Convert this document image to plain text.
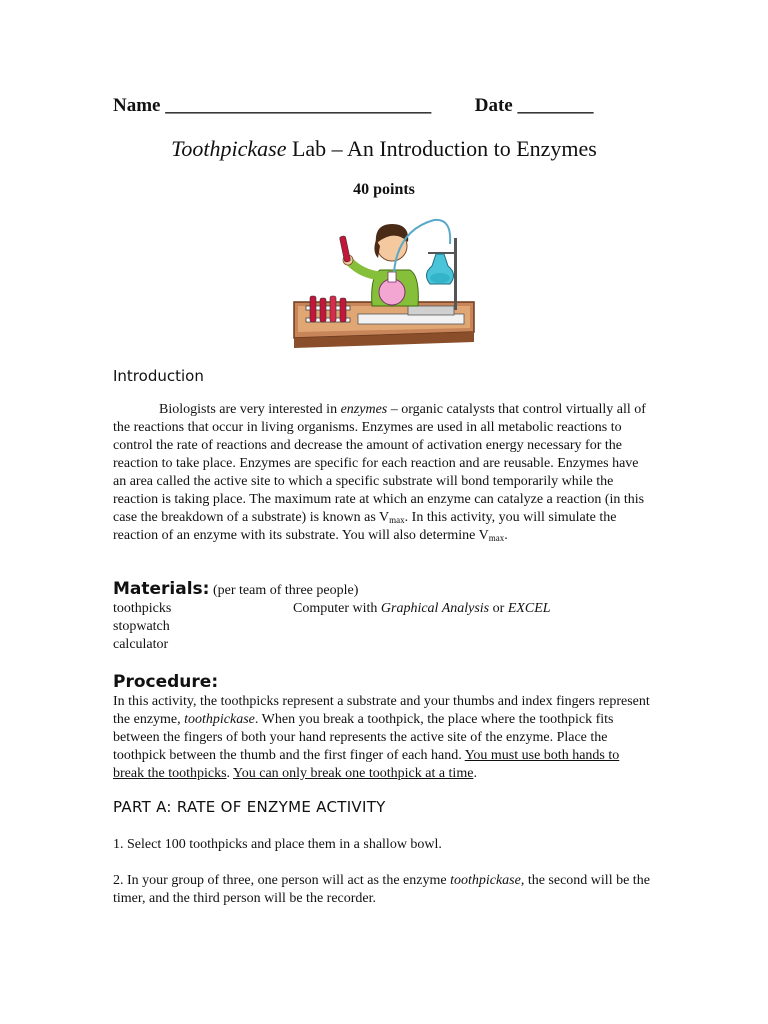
Name ____________________________ Date ________
Toothpickase Lab – An Introduction to Enzymes
40 points
Introduction
Biologists are very interested in enzymes – organic catalysts that control virtually all of the reactions that occur in living organisms. Enzymes are used in all metabolic reactions to control the rate of reactions and decrease the amount of activation energy necessary for the reaction to take place. Enzymes are specific for each reaction and are reusable. Enzymes have an area called the active site to which a specific substrate will bond temporarily while the reaction is taking place. The maximum rate at which an enzyme can catalyze a reaction (in this case the breakdown of a substrate) is known as $V_{max}$. In this activity, you will simulate the reaction of an enzyme with its substrate. You will also determine $V_{max}$.
Materials: (per team of three people)
toothpicks
stopwatch
calculator
Computer with Graphical Analysis or EXCEL
Procedure:
In this activity, the toothpicks represent a substrate and your thumbs and index fingers represent the enzyme, toothpickase. When you break a toothpick, the place where the toothpick fits between the fingers of both your hand represents the active site of the enzyme. Place the toothpick between the thumb and the first finger of each hand. You must use both hands to break the toothpicks. You can only break one toothpick at a time.
PART A: RATE OF ENZYME ACTIVITY
1. Select 100 toothpicks and place them in a shallow bowl.
2. In your group of three, one person will act as the enzyme toothpickase, the second will be the timer, and the third person will be the recorder.
